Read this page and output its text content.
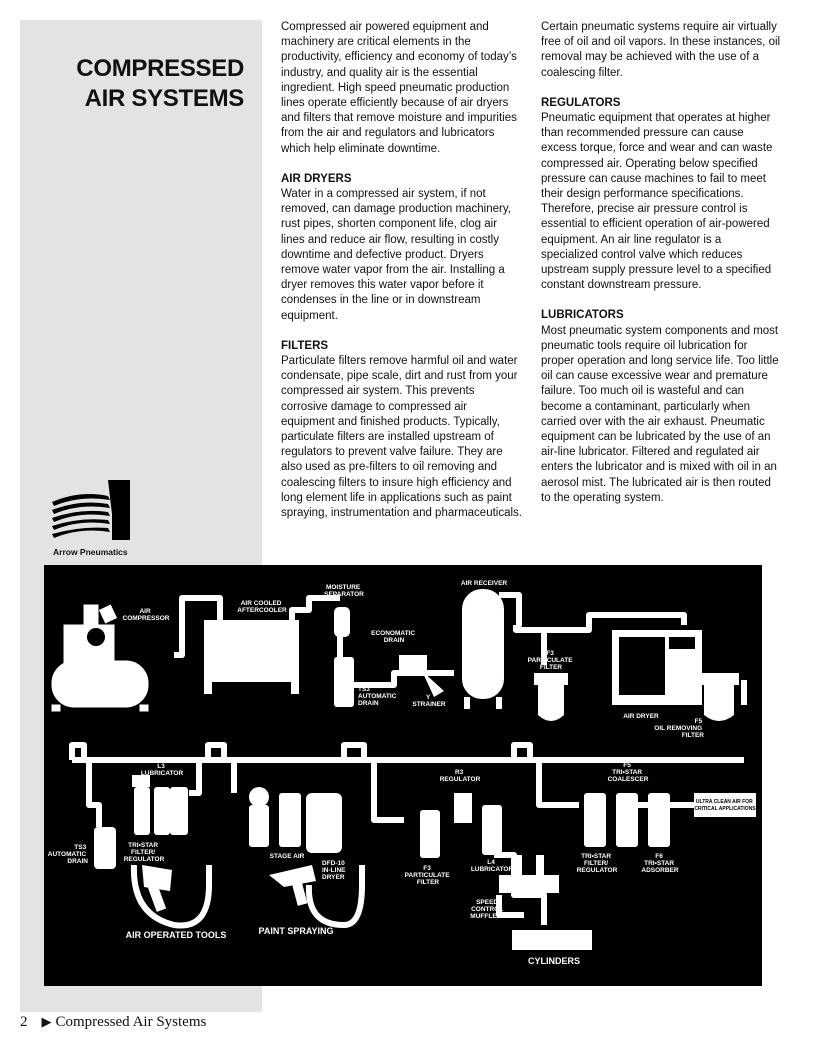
COMPRESSED
AIR SYSTEMS
Arrow Pneumatics

Compressed air powered equipment and machinery are critical elements in the productivity, efficiency and economy of today’s industry, and quality air is the essential ingredient. High speed pneumatic production lines operate efficiently because of air dryers and filters that remove moisture and impurities from the air and regulators and lubricators which help eliminate downtime.

AIR DRYERS

Water in a compressed air system, if not removed, can damage production machinery, rust pipes, shorten component life, clog air lines and reduce air flow, resulting in costly downtime and defective product. Dryers remove water vapor from the air. Installing a dryer removes this water vapor before it condenses in the line or in downstream equipment.

FILTERS

Particulate filters remove harmful oil and water condensate, pipe scale, dirt and rust from your compressed air system. This prevents corrosive damage to compressed air equipment and finished products. Typically, particulate filters are installed upstream of regulators to prevent valve failure. They are also used as pre-filters to oil removing and coalescing filters to insure high efficiency and long element life in applications such as paint spraying, instrumentation and pharmaceuticals.

Certain pneumatic systems require air virtually free of oil and oil vapors. In these instances, oil removal may be achieved with the use of a coalescing filter.

REGULATORS

Pneumatic equipment that operates at higher than recommended pressure can cause excess torque, force and wear and can waste compressed air. Operating below specified pressure can cause machines to fail to meet their design performance specifications. Therefore, precise air pressure control is essential to efficient operation of air-powered equipment. An air line regulator is a specialized control valve which reduces upstream supply pressure level to a specified constant downstream pressure.

LUBRICATORS

Most pneumatic system components and most pneumatic tools require oil lubrication for proper operation and long service life. Too little oil can cause excessive wear and premature failure. Too much oil is wasteful and can become a contaminant, particularly when carried over with the air exhaust. Pneumatic equipment can be lubricated by the use of an air-line lubricator. Filtered and regulated air enters the lubricator and is mixed with oil in an aerosol mist. The lubricated air is then routed to the operating system.

AIR COMPRESSOR
AIR COOLED AFTERCOOLER
MOISTURE SEPARATOR
ECONOMATIC DRAIN
TS3 AUTOMATIC DRAIN
Y STRAINER
AIR RECEIVER
F3 PARTICULATE FILTER
AIR DRYER
F5 OIL REMOVING FILTER
L3 LUBRICATOR
TRI•STAR FILTER/ REGULATOR
TS3 AUTOMATIC DRAIN
STAGE AIR
DFD-10 IN-LINE DRYER
R3 REGULATOR
F3 PARTICULATE FILTER
L4 LUBRICATOR
SPEED CONTROL MUFFLERS
F5 TRI•STAR COALESCER
TRI•STAR FILTER/ REGULATOR
F6 TRI•STAR ADSORBER
ULTRA CLEAN AIR FOR CRITICAL APPLICATIONS
AIR OPERATED TOOLS	PAINT SPRAYING
CYLINDERS
2 ▶ Compressed Air Systems
